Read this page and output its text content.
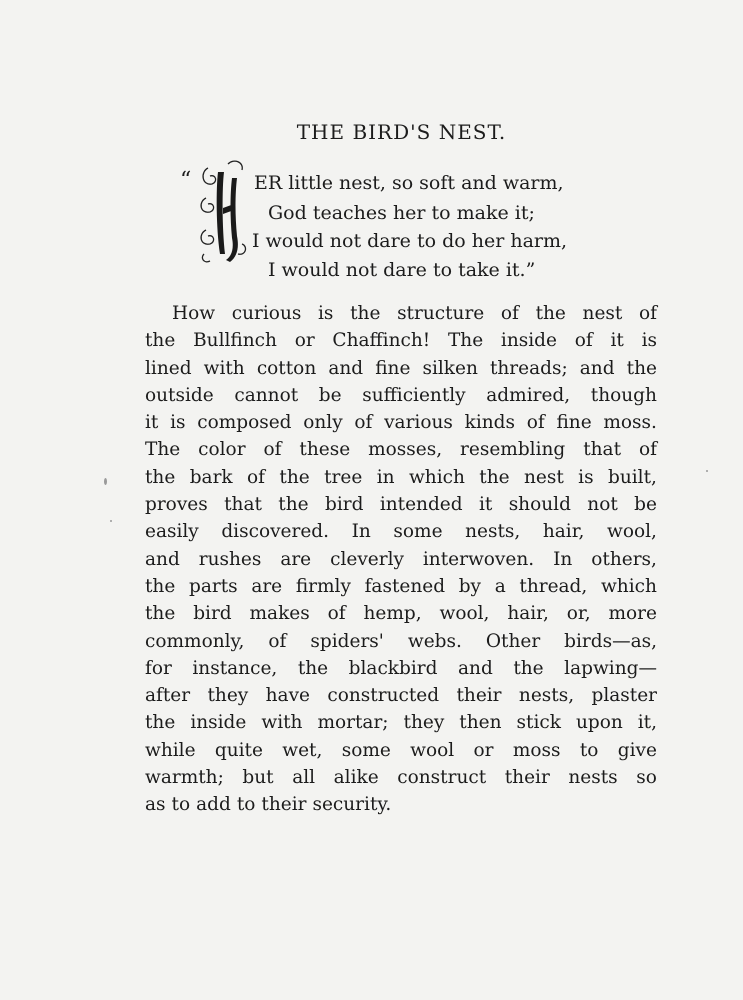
THE BIRD'S NEST.
“	ER little nest, so soft and warm,
God teaches her to make it;
I would not dare to do her harm,
I would not dare to take it.”
How curious is the structure of the nest of
the Bullfinch or Chaffinch! The inside of it is
lined with cotton and fine silken threads; and the
outside cannot be sufficiently admired, though
it is composed only of various kinds of fine moss.
The color of these mosses, resembling that of
the bark of the tree in which the nest is built,
proves that the bird intended it should not be
easily discovered. In some nests, hair, wool,
and rushes are cleverly interwoven. In others,
the parts are firmly fastened by a thread, which
the bird makes of hemp, wool, hair, or, more
commonly, of spiders' webs. Other birds—as,
for instance, the blackbird and the lapwing—
after they have constructed their nests, plaster
the inside with mortar; they then stick upon it,
while quite wet, some wool or moss to give
warmth; but all alike construct their nests so
as to add to their security.
